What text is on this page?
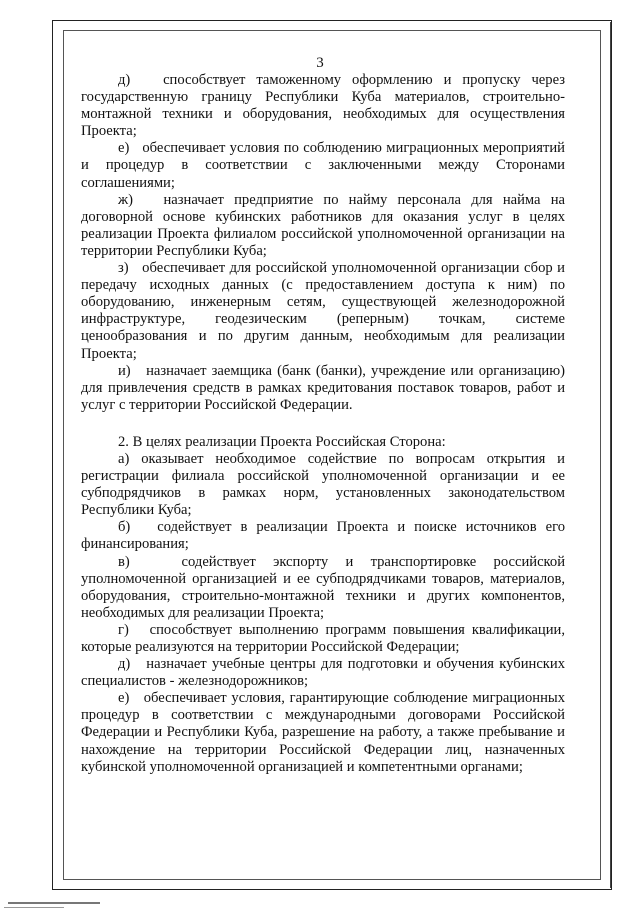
3

д)   способствует таможенному оформлению и пропуску через государственную границу Республики Куба материалов, строительно-монтажной техники и оборудования, необходимых для осуществления Проекта;

е)   обеспечивает условия по соблюдению миграционных мероприятий и процедур в соответствии с заключенными между Сторонами соглашениями;

ж)   назначает предприятие по найму персонала для найма на договорной основе кубинских работников для оказания услуг в целях реализации Проекта филиалом российской уполномоченной организации на территории Республики Куба;

з)   обеспечивает для российской уполномоченной организации сбор и передачу исходных данных (с предоставлением доступа к ним) по оборудованию, инженерным сетям, существующей железнодорожной инфраструктуре, геодезическим (реперным) точкам, системе ценообразования и по другим данным, необходимым для реализации Проекта;

и)   назначает заемщика (банк (банки), учреждение или организацию) для привлечения средств в рамках кредитования поставок товаров, работ и услуг с территории Российской Федерации.

2. В целях реализации Проекта Российская Сторона:

а) оказывает необходимое содействие по вопросам открытия и регистрации филиала российской уполномоченной организации и ее субподрядчиков в рамках норм, установленных законодательством Республики Куба;

б)   содействует в реализации Проекта и поиске источников его финансирования;

в)   содействует экспорту и транспортировке российской уполномоченной организацией и ее субподрядчиками товаров, материалов, оборудования, строительно-монтажной техники и других компонентов, необходимых для реализации Проекта;

г)   способствует выполнению программ повышения квалификации, которые реализуются на территории Российской Федерации;

д)   назначает учебные центры для подготовки и обучения кубинских специалистов - железнодорожников;

е)   обеспечивает условия, гарантирующие соблюдение миграционных процедур в соответствии с международными договорами Российской Федерации и Республики Куба, разрешение на работу, а также пребывание и нахождение на территории Российской Федерации лиц, назначенных кубинской уполномоченной организацией и компетентными органами;
